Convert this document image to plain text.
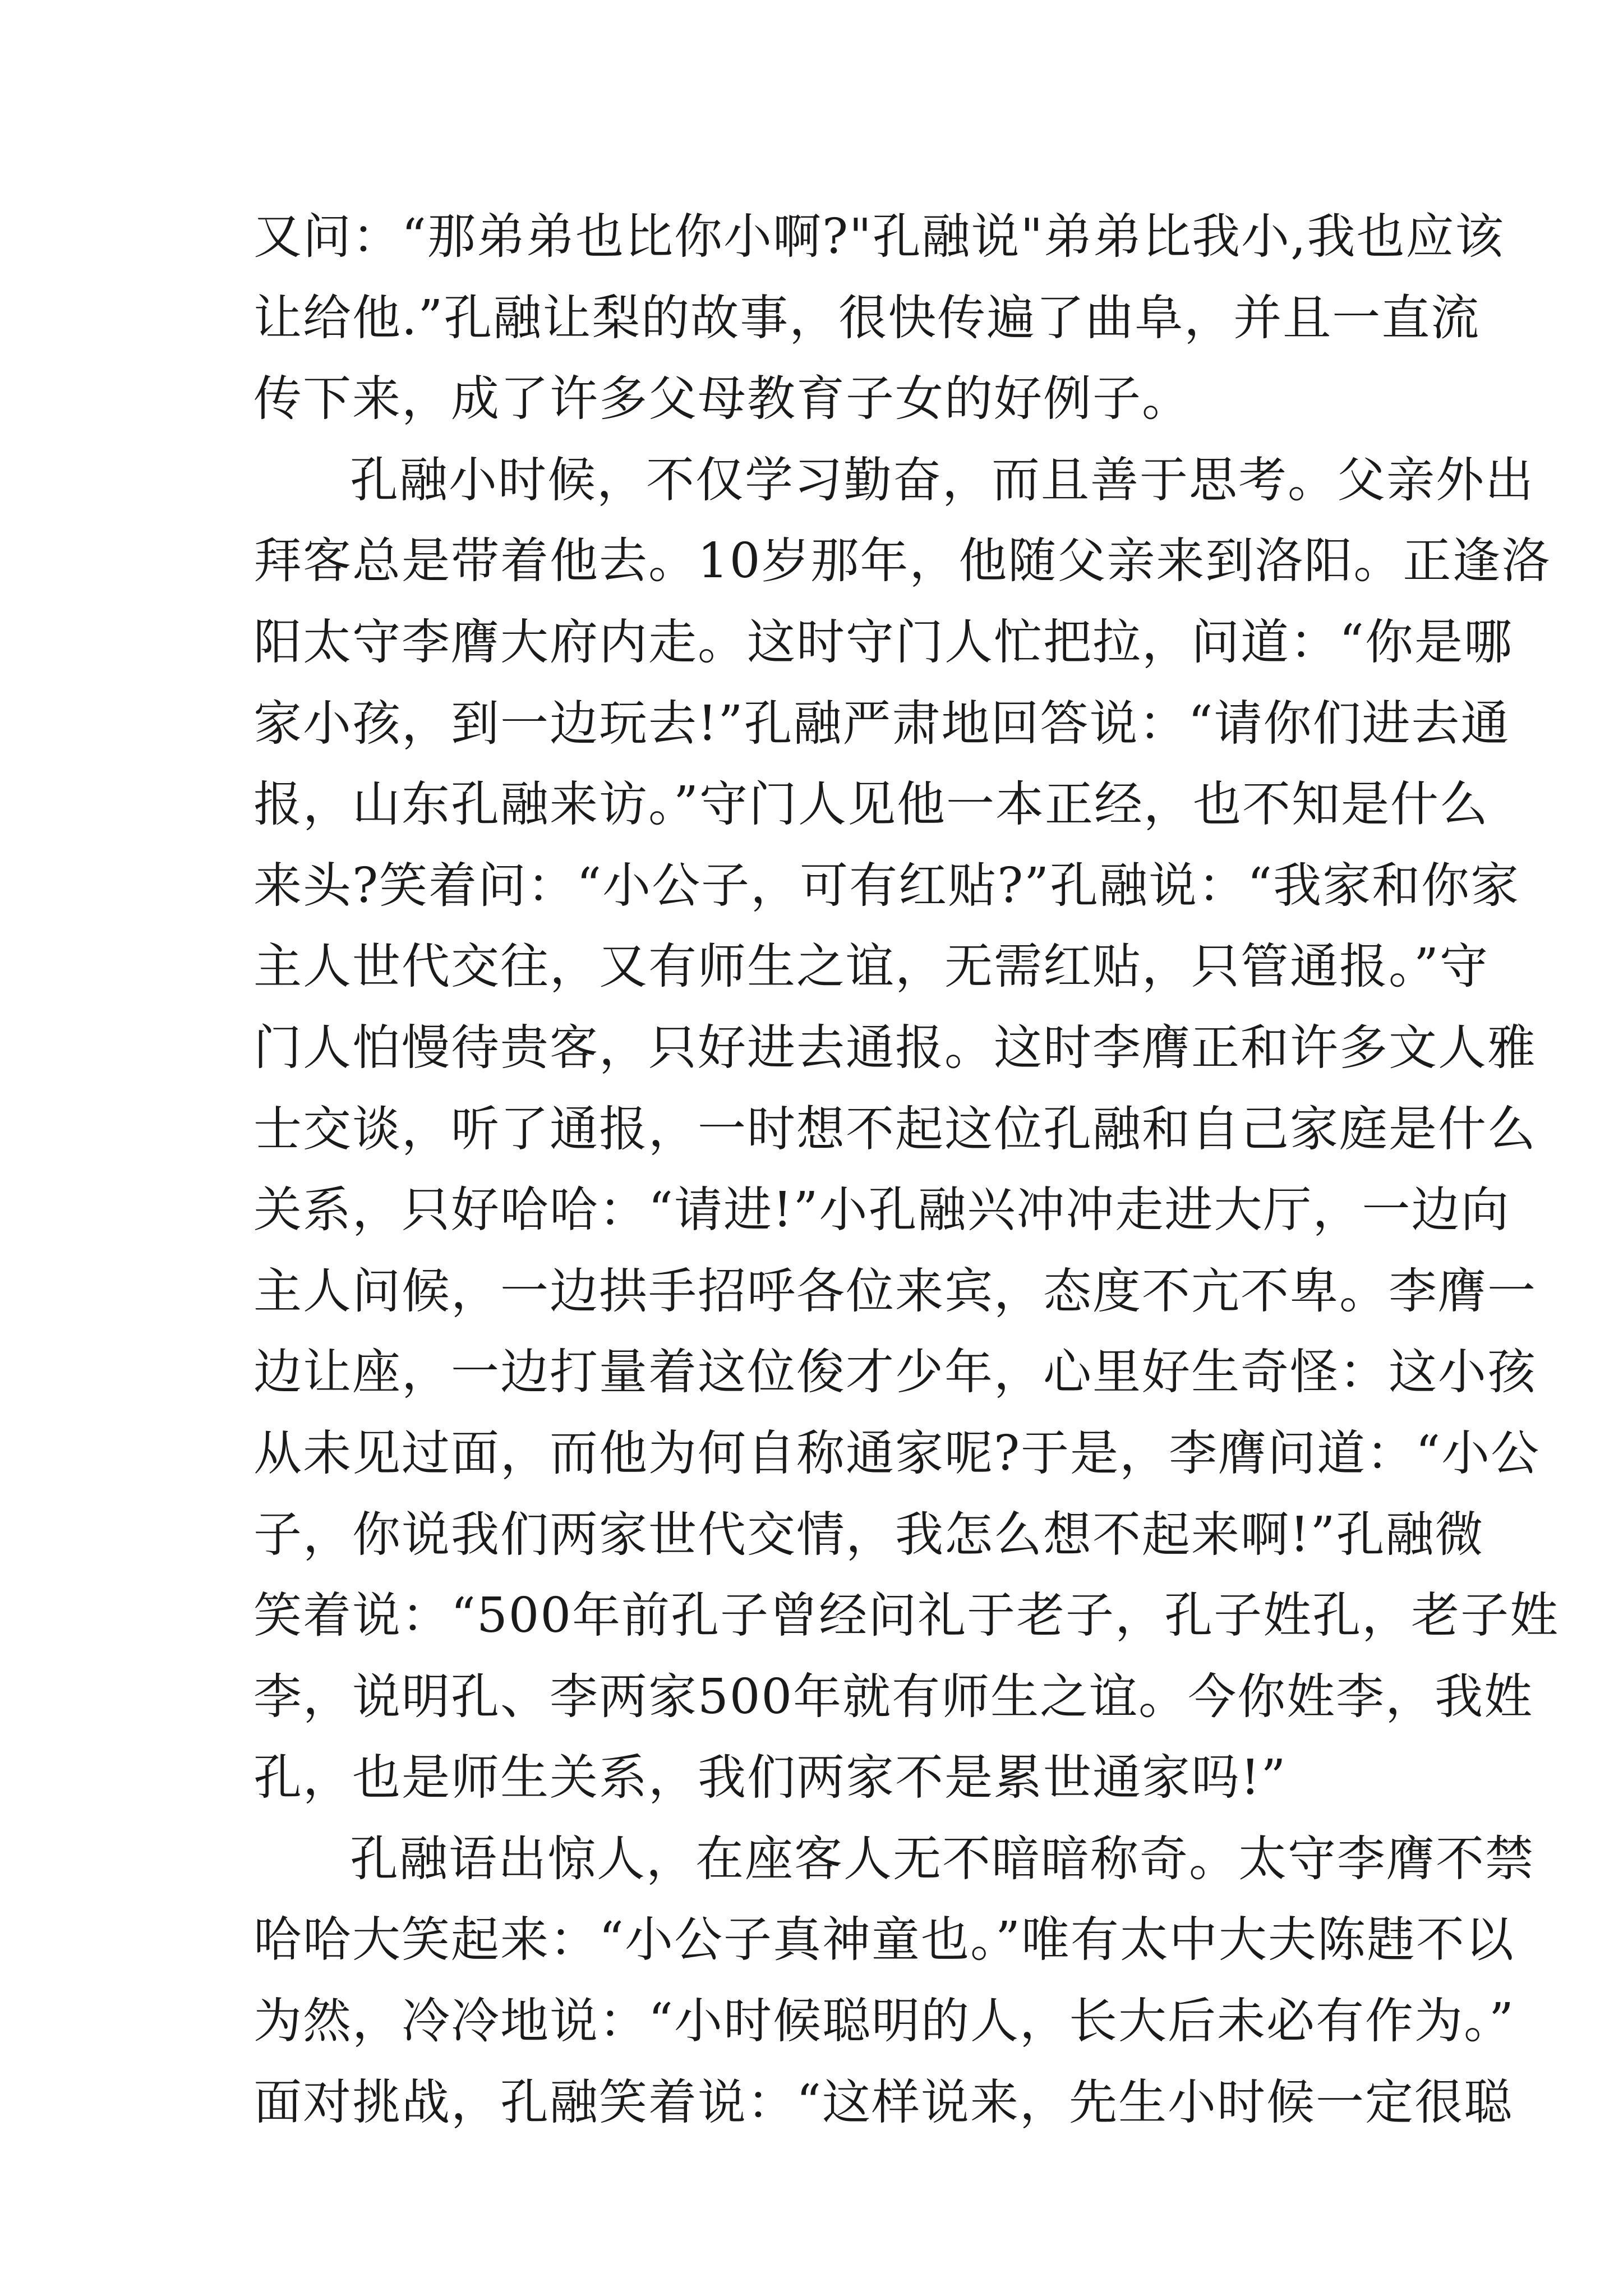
又问：“那弟弟也比你小啊?"孔融说"弟弟比我小,我也应该
让给他.”孔融让梨的故事，很快传遍了曲阜，并且一直流
传下来，成了许多父母教育子女的好例子。
孔融小时候，不仅学习勤奋，而且善于思考。父亲外出
拜客总是带着他去。10岁那年，他随父亲来到洛阳。正逢洛
阳太守李膺大府内走。这时守门人忙把拉，问道：“你是哪
家小孩，到一边玩去!”孔融严肃地回答说：“请你们进去通
报，山东孔融来访。”守门人见他一本正经，也不知是什么
来头?笑着问：“小公子，可有红贴?”孔融说：“我家和你家
主人世代交往，又有师生之谊，无需红贴，只管通报。”守
门人怕慢待贵客，只好进去通报。这时李膺正和许多文人雅
士交谈，听了通报，一时想不起这位孔融和自己家庭是什么
关系，只好哈哈：“请进!”小孔融兴冲冲走进大厅，一边向
主人问候，一边拱手招呼各位来宾，态度不亢不卑。李膺一
边让座，一边打量着这位俊才少年，心里好生奇怪：这小孩
从未见过面，而他为何自称通家呢?于是，李膺问道：“小公
子，你说我们两家世代交情，我怎么想不起来啊!”孔融微
笑着说：“500年前孔子曾经问礼于老子，孔子姓孔，老子姓
李，说明孔、李两家500年就有师生之谊。今你姓李，我姓
孔，也是师生关系，我们两家不是累世通家吗!”
孔融语出惊人，在座客人无不暗暗称奇。太守李膺不禁
哈哈大笑起来：“小公子真神童也。”唯有太中大夫陈韪不以
为然，冷冷地说：“小时候聪明的人，长大后未必有作为。”
面对挑战，孔融笑着说：“这样说来，先生小时候一定很聪
